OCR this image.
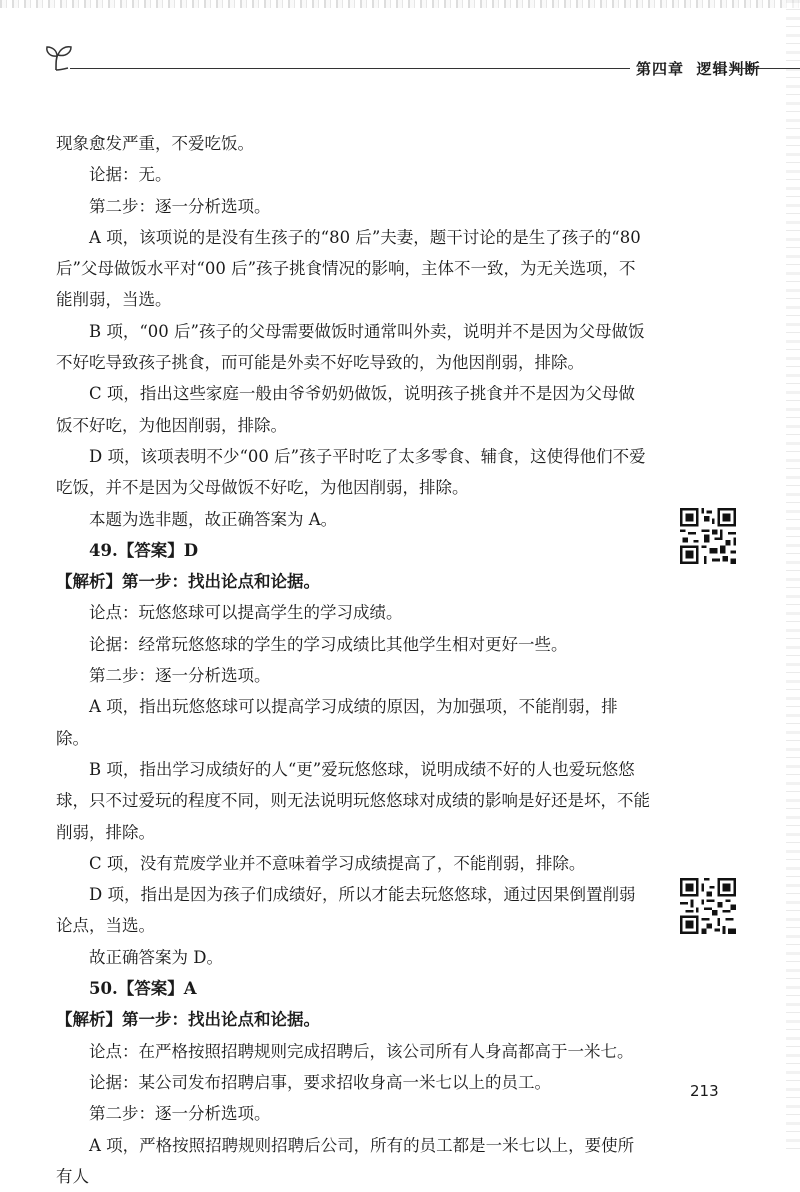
第四章 逻辑判断

现象愈发严重，不爱吃饭。

论据：无。

第二步：逐一分析选项。

A 项，该项说的是没有生孩子的“80 后”夫妻，题干讨论的是生了孩子的“80 后”父母做饭水平对“00 后”孩子挑食情况的影响，主体不一致，为无关选项，不能削弱，当选。

B 项，“00 后”孩子的父母需要做饭时通常叫外卖，说明并不是因为父母做饭不好吃导致孩子挑食，而可能是外卖不好吃导致的，为他因削弱，排除。

C 项，指出这些家庭一般由爷爷奶奶做饭，说明孩子挑食并不是因为父母做饭不好吃，为他因削弱，排除。

D 项，该项表明不少“00 后”孩子平时吃了太多零食、辅食，这使得他们不爱吃饭，并不是因为父母做饭不好吃，为他因削弱，排除。

本题为选非题，故正确答案为 A。

49.【答案】D

【解析】第一步：找出论点和论据。

论点：玩悠悠球可以提高学生的学习成绩。

论据：经常玩悠悠球的学生的学习成绩比其他学生相对更好一些。

第二步：逐一分析选项。

A 项，指出玩悠悠球可以提高学习成绩的原因，为加强项，不能削弱，排除。

B 项，指出学习成绩好的人“更”爱玩悠悠球，说明成绩不好的人也爱玩悠悠球，只不过爱玩的程度不同，则无法说明玩悠悠球对成绩的影响是好还是坏，不能削弱，排除。

C 项，没有荒废学业并不意味着学习成绩提高了，不能削弱，排除。

D 项，指出是因为孩子们成绩好，所以才能去玩悠悠球，通过因果倒置削弱论点，当选。

故正确答案为 D。

50.【答案】A

【解析】第一步：找出论点和论据。

论点：在严格按照招聘规则完成招聘后，该公司所有人身高都高于一米七。

论据：某公司发布招聘启事，要求招收身高一米七以上的员工。

第二步：逐一分析选项。

A 项，严格按照招聘规则招聘后公司，所有的员工都是一米七以上，要使所有人

213
